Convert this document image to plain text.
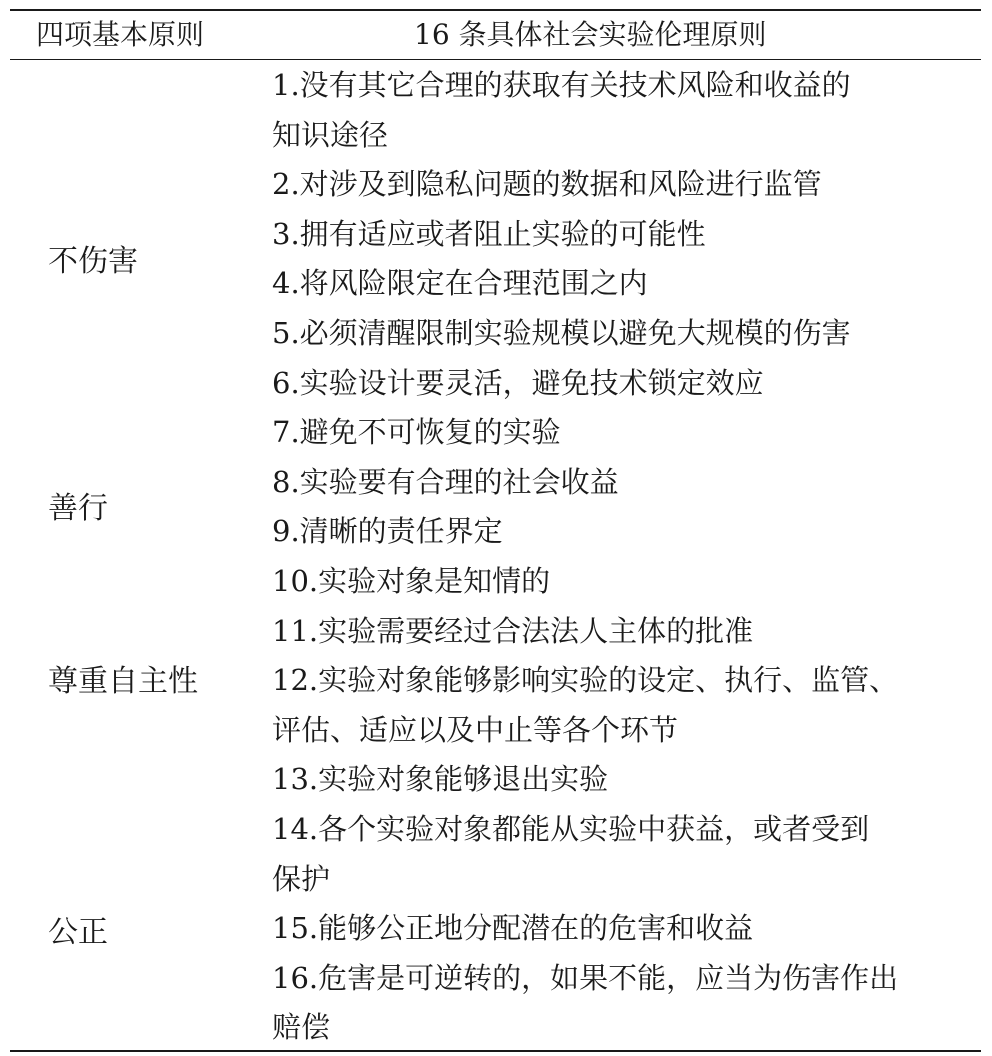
四项基本原则	16 条具体社会实验伦理原则
不伤害
善行
尊重自主性
公正
1.没有其它合理的获取有关技术风险和收益的
知识途径
2.对涉及到隐私问题的数据和风险进行监管
3.拥有适应或者阻止实验的可能性
4.将风险限定在合理范围之内
5.必须清醒限制实验规模以避免大规模的伤害
6.实验设计要灵活，避免技术锁定效应
7.避免不可恢复的实验
8.实验要有合理的社会收益
9.清晰的责任界定
10.实验对象是知情的
11.实验需要经过合法法人主体的批准
12.实验对象能够影响实验的设定、执行、监管、
评估、适应以及中止等各个环节
13.实验对象能够退出实验
14.各个实验对象都能从实验中获益，或者受到
保护
15.能够公正地分配潜在的危害和收益
16.危害是可逆转的，如果不能，应当为伤害作出
赔偿
